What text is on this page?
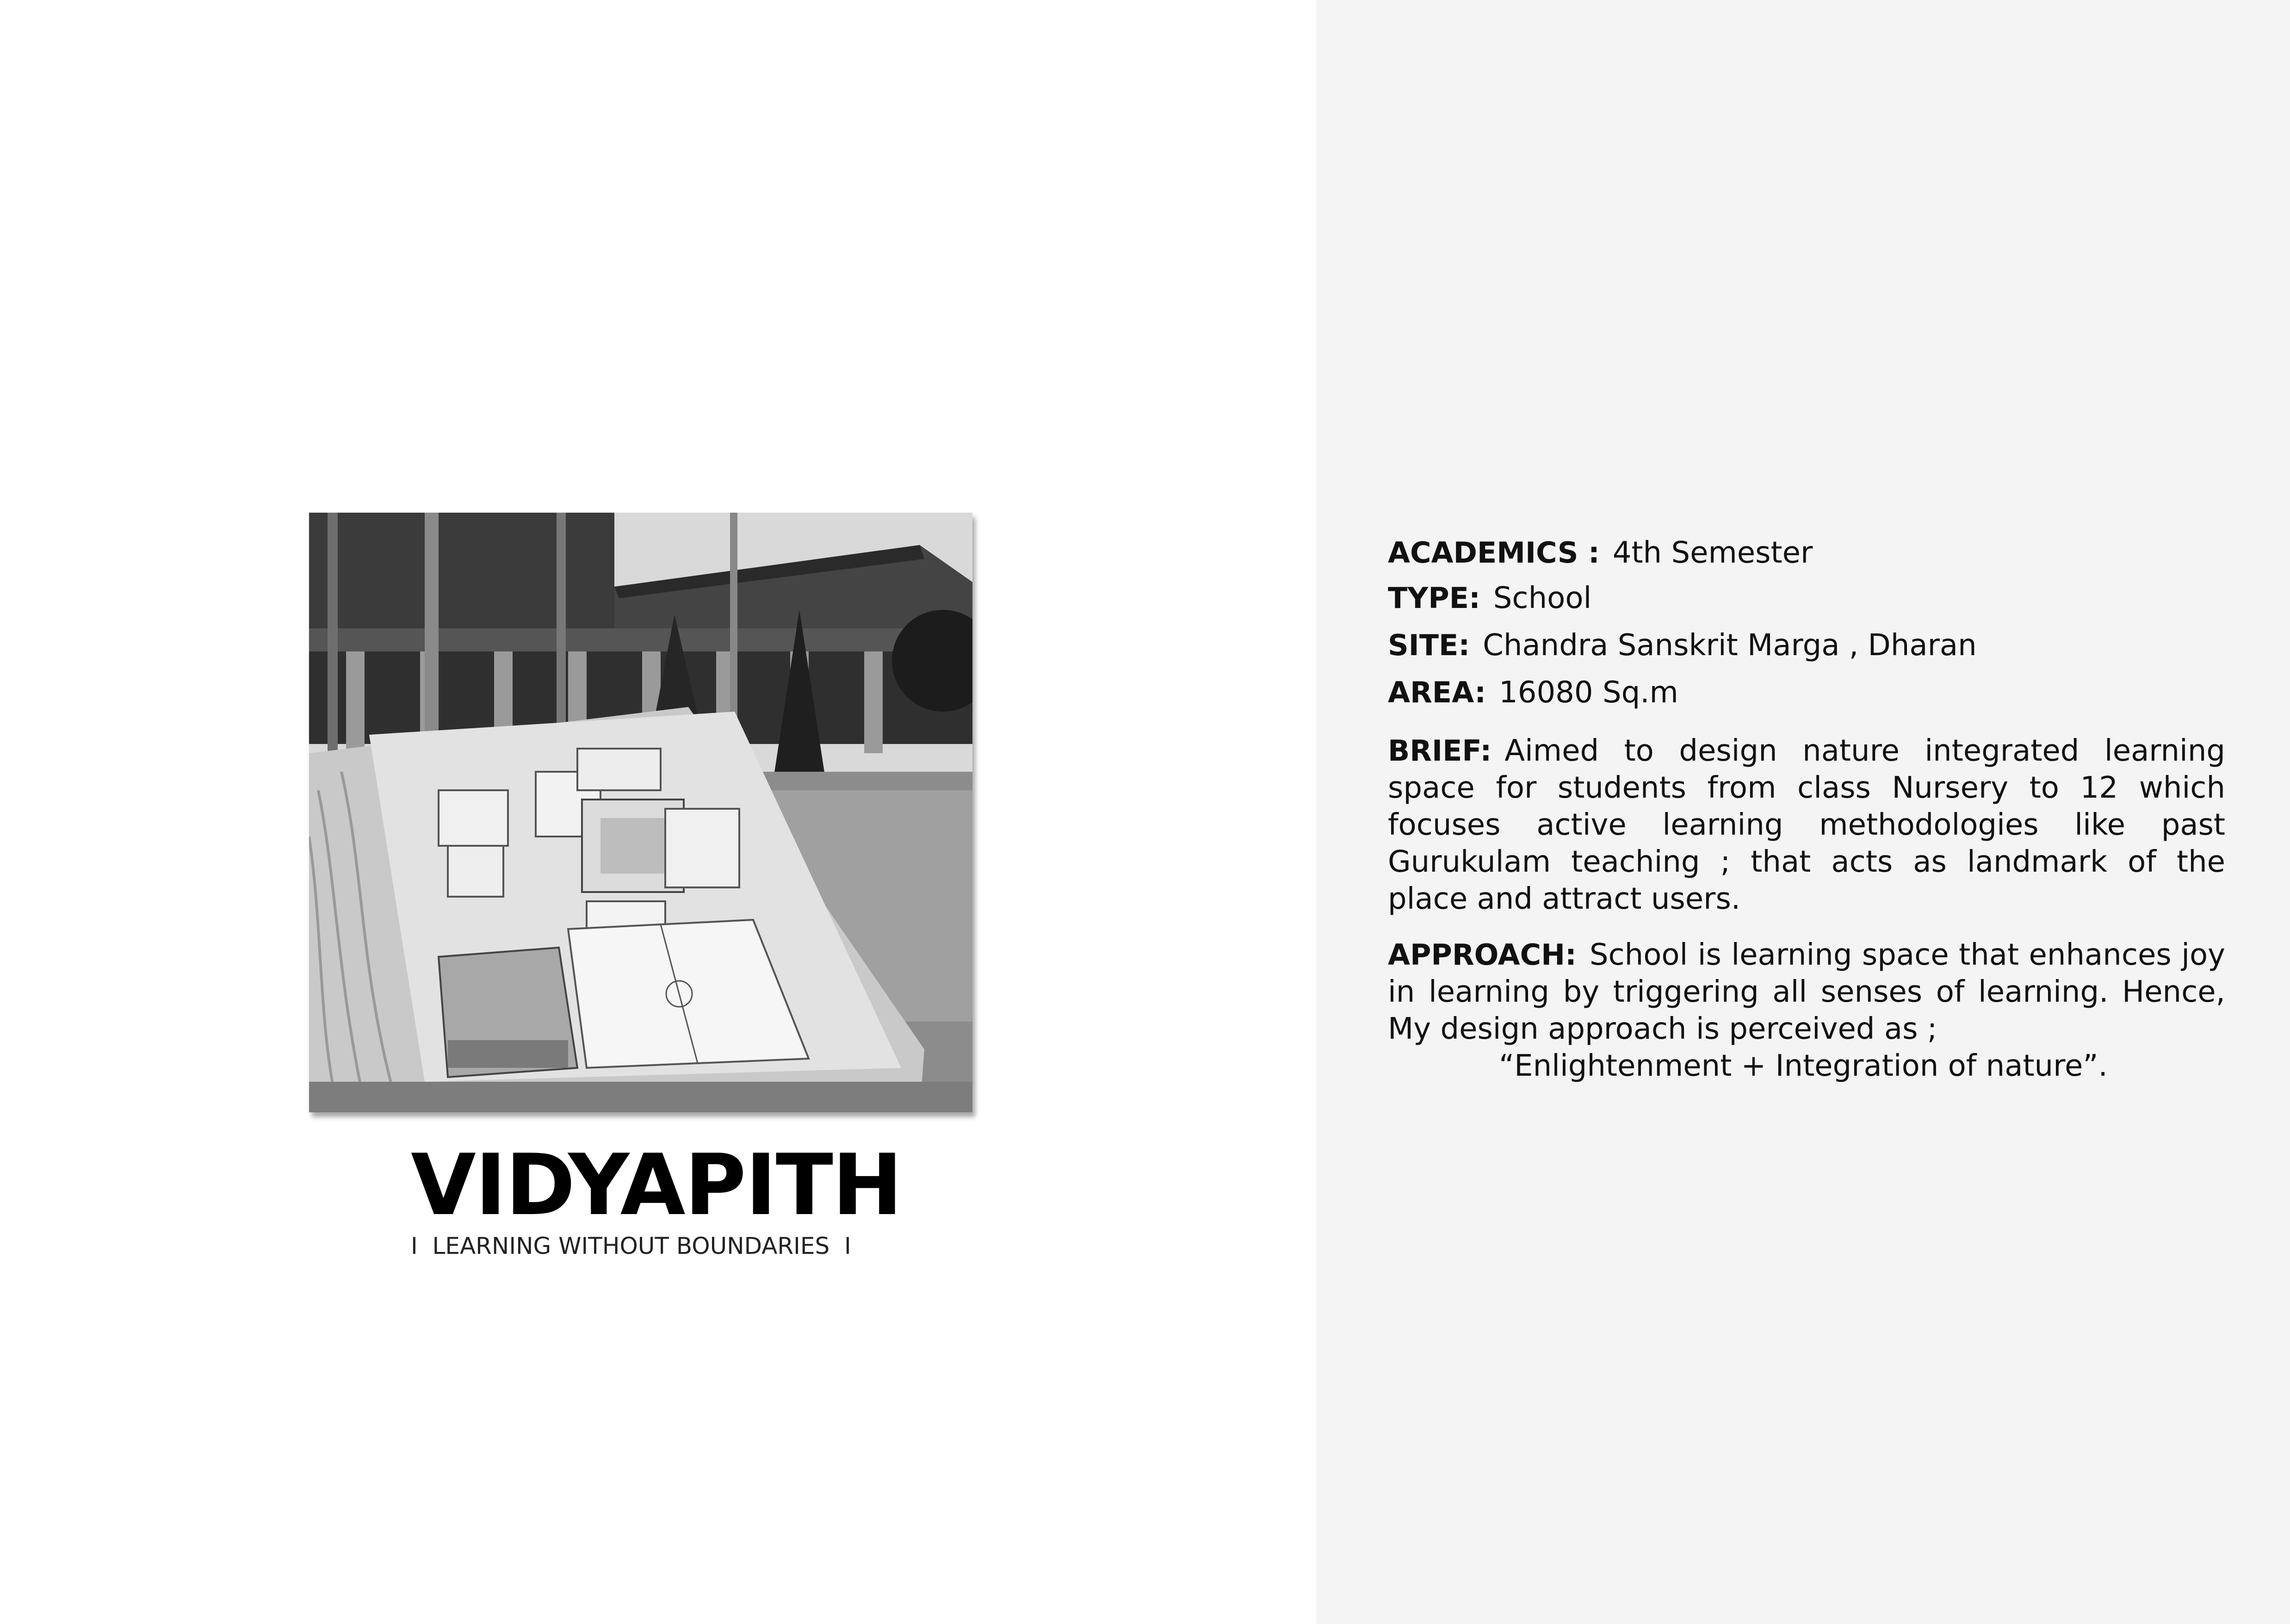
VIDYAPITH
I  LEARNING WITHOUT BOUNDARIES  I
ACADEMICS : 4th Semester
TYPE: School
SITE: Chandra Sanskrit Marga , Dharan
AREA: 16080 Sq.m
BRIEF: Aimed to design nature integrated learning space for students from class Nursery to 12 which focuses active learning methodologies like past Gurukulam teaching ; that acts as landmark of the place and attract users.
APPROACH: School is learning space that enhances joy in learning by triggering all senses of learning. Hence, My design approach is perceived as ;
“Enlightenment + Integration of nature”.
